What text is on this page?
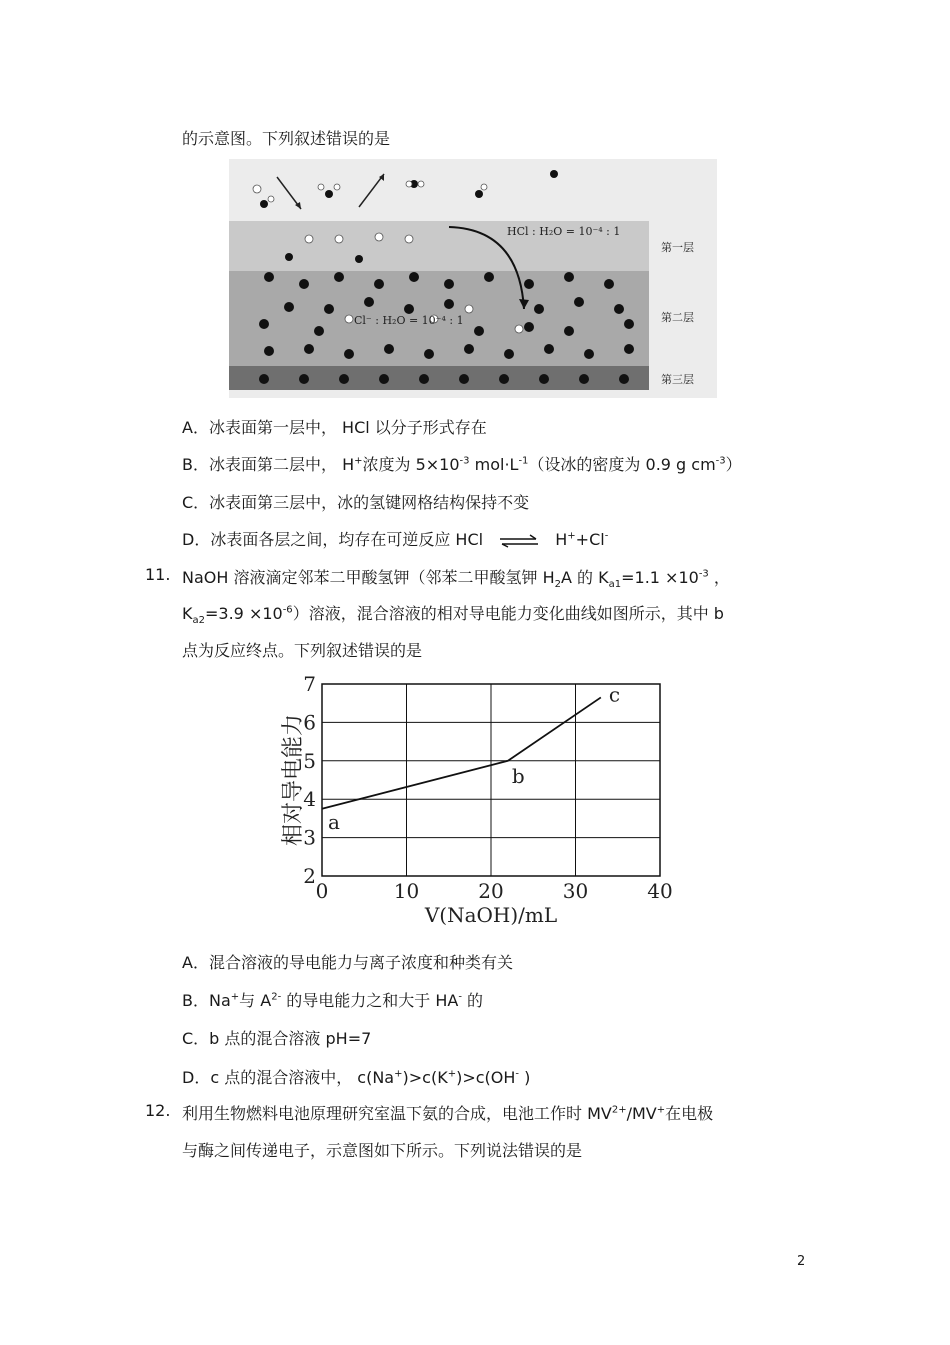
的示意图。下列叙述错误的是
HCl : H₂O = 10⁻⁴ : 1
Cl⁻ : H₂O = 10⁻⁴ : 1
第一层
第二层
第三层
A．冰表面第一层中， HCl 以分子形式存在
B．冰表面第二层中， H+浓度为 $5\times 10^{-3}$ $mol\cdot L^{-1}$（设冰的密度为 0.9 g $cm^{-3}$）
C．冰表面第三层中，冰的氢键网格结构保持不变
D．冰表面各层之间，均存在可逆反应 HCl ⇌ H++Cl-
11. NaOH 溶液滴定邻苯二甲酸氢钾（邻苯二甲酸氢钾 $H_2A$ 的 $K_{a1}=1.1 \times 10^{-3}$ ，
$K_{a2}=3.9 \times 10^{-6}$）溶液，混合溶液的相对导电能力变化曲线如图所示，其中 b
点为反应终点。下列叙述错误的是
0	10	20	30	40
2
3
4
5
6
7
V(NaOH)/mL
相对导电能力 a
b
c
A．混合溶液的导电能力与离子浓度和种类有关
B．Na+与 $A^{2-}$ 的导电能力之和大于 HA- 的
C．b 点的混合溶液 pH=7
D．c 点的混合溶液中， c(Na+)>c(K+)>c(OH- )
12. 利用生物燃料电池原理研究室温下氨的合成，电池工作时 $MV^{2+}/MV^+$在电极
与酶之间传递电子，示意图如下所示。下列说法错误的是
2
